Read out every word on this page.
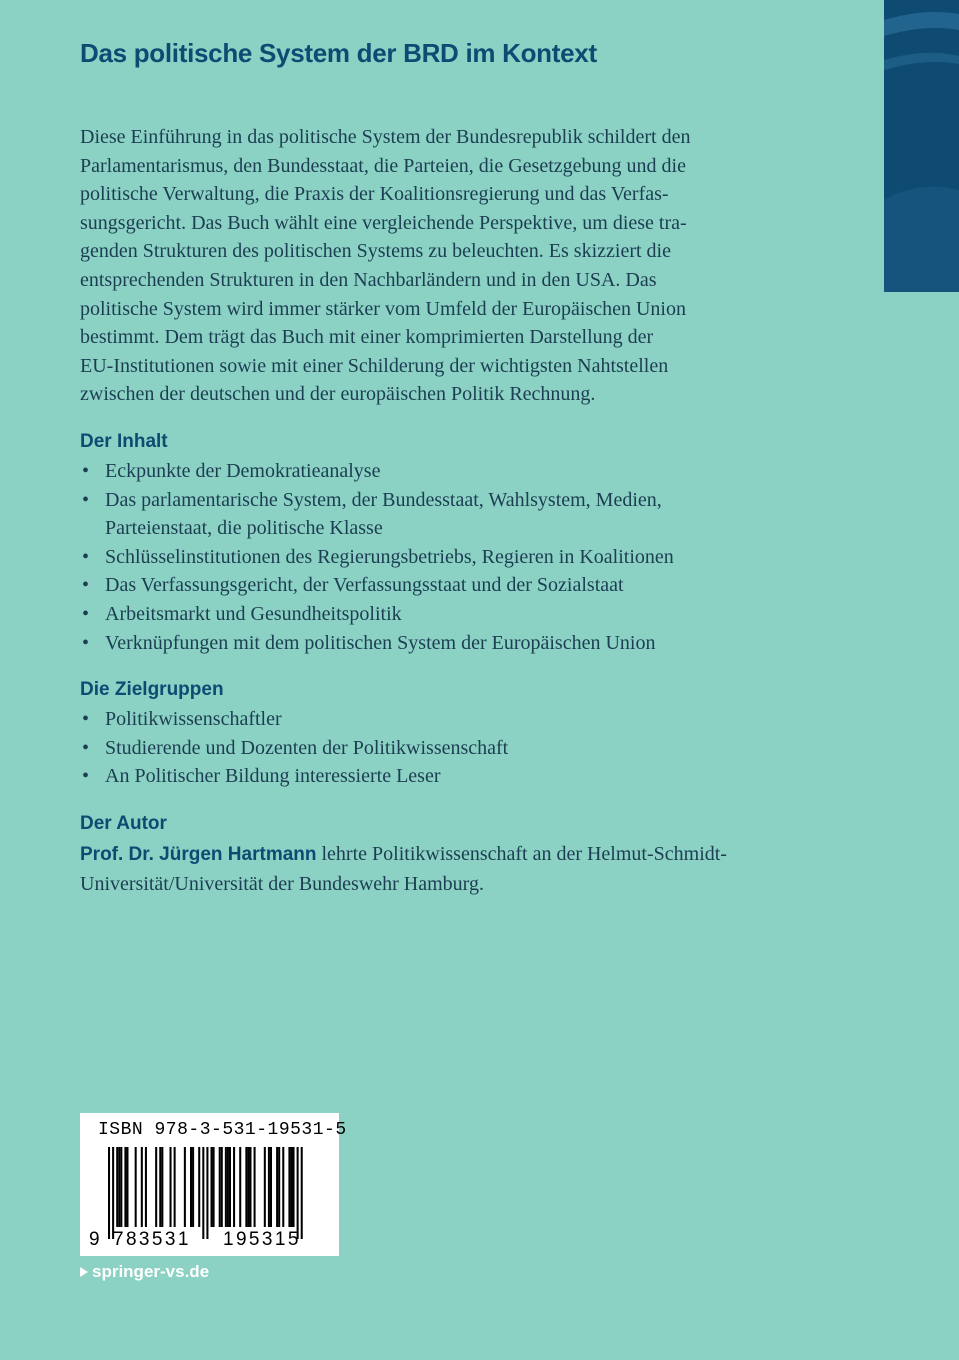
Das politische System der BRD im Kontext
Diese Einführung in das politische System der Bundesrepublik schildert den
Parlamentarismus, den Bundesstaat, die Parteien, die Gesetzgebung und die
politische Verwaltung, die Praxis der Koalitionsregierung und das Verfas-
sungsgericht. Das Buch wählt eine vergleichende Perspektive, um diese tra-
genden Strukturen des politischen Systems zu beleuchten. Es skizziert die
entsprechenden Strukturen in den Nachbarländern und in den USA. Das
politische System wird immer stärker vom Umfeld der Europäischen Union
bestimmt. Dem trägt das Buch mit einer komprimierten Darstellung der
EU-Institutionen sowie mit einer Schilderung der wichtigsten Nahtstellen
zwischen der deutschen und der europäischen Politik Rechnung.
Der Inhalt
• Eckpunkte der Demokratieanalyse
• Das parlamentarische System, der Bundesstaat, Wahlsystem, Medien, Parteienstaat, die politische Klasse
• Schlüsselinstitutionen des Regierungsbetriebs, Regieren in Koalitionen
• Das Verfassungsgericht, der Verfassungsstaat und der Sozialstaat
• Arbeitsmarkt und Gesundheitspolitik
• Verknüpfungen mit dem politischen System der Europäischen Union
Die Zielgruppen
• Politikwissenschaftler
• Studierende und Dozenten der Politikwissenschaft
• An Politischer Bildung interessierte Leser
Der Autor

Prof. Dr. Jürgen Hartmann lehrte Politikwissenschaft an der Helmut-Schmidt-Universität/Universität der Bundeswehr Hamburg.

ISBN 978-3-531-19531-5
9 783531 195315
springer-vs.de
